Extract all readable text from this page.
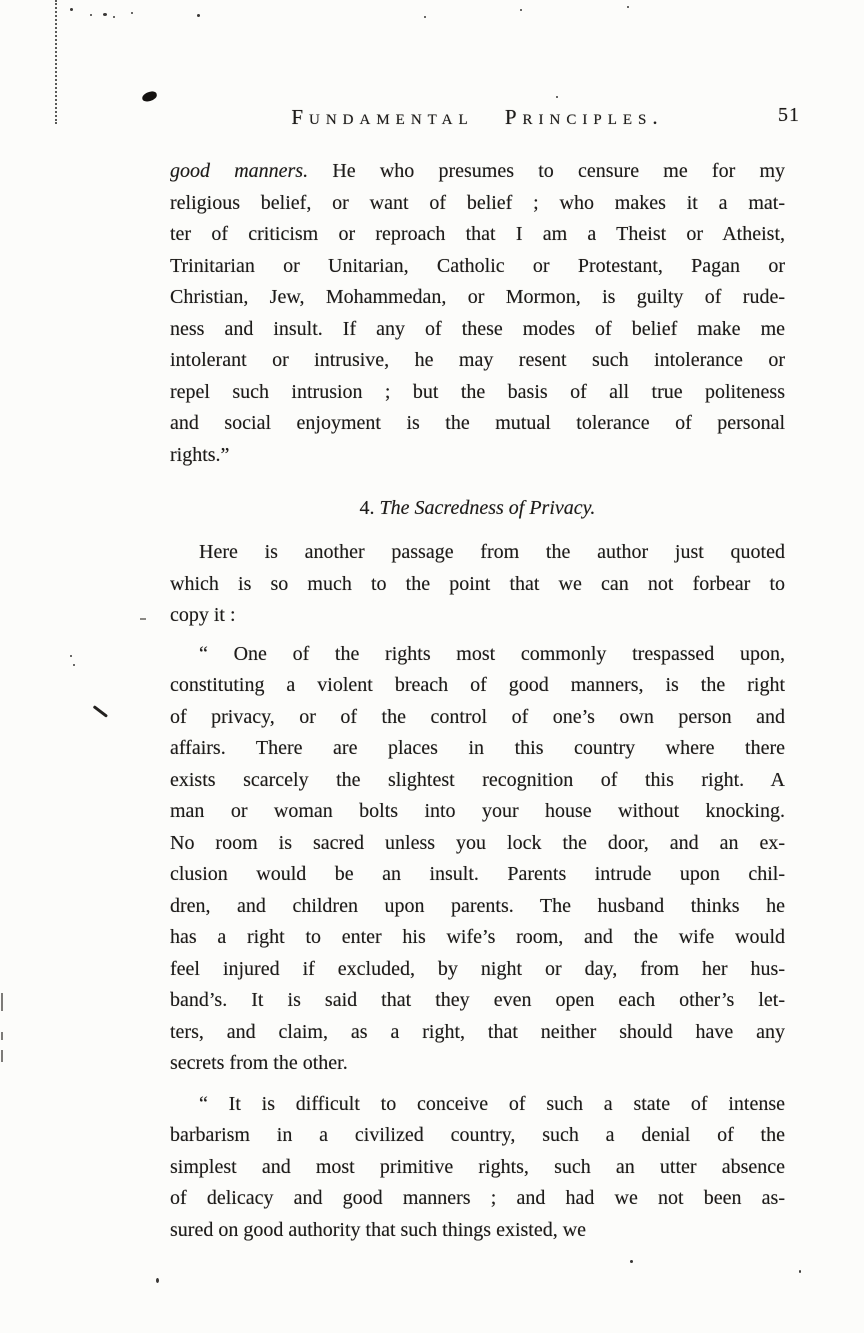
Fundamental Principles.	51

good manners. He who presumes to censure me for my
religious belief, or want of belief ; who makes it a mat-
ter of criticism or reproach that I am a Theist or Atheist,
Trinitarian or Unitarian, Catholic or Protestant, Pagan or
Christian, Jew, Mohammedan, or Mormon, is guilty of rude-
ness and insult. If any of these modes of belief make me
intolerant or intrusive, he may resent such intolerance or
repel such intrusion ; but the basis of all true politeness
and social enjoyment is the mutual tolerance of personal
rights.”

4. The Sacredness of Privacy.

Here is another passage from the author just quoted
which is so much to the point that we can not forbear to
copy it :

“ One of the rights most commonly trespassed upon,
constituting a violent breach of good manners, is the right
of privacy, or of the control of one’s own person and
affairs. There are places in this country where there
exists scarcely the slightest recognition of this right. A
man or woman bolts into your house without knocking.
No room is sacred unless you lock the door, and an ex-
clusion would be an insult. Parents intrude upon chil-
dren, and children upon parents. The husband thinks he
has a right to enter his wife’s room, and the wife would
feel injured if excluded, by night or day, from her hus-
band’s. It is said that they even open each other’s let-
ters, and claim, as a right, that neither should have any
secrets from the other.

“ It is difficult to conceive of such a state of intense
barbarism in a civilized country, such a denial of the
simplest and most primitive rights, such an utter absence
of delicacy and good manners ; and had we not been as-
sured on good authority that such things existed, we
